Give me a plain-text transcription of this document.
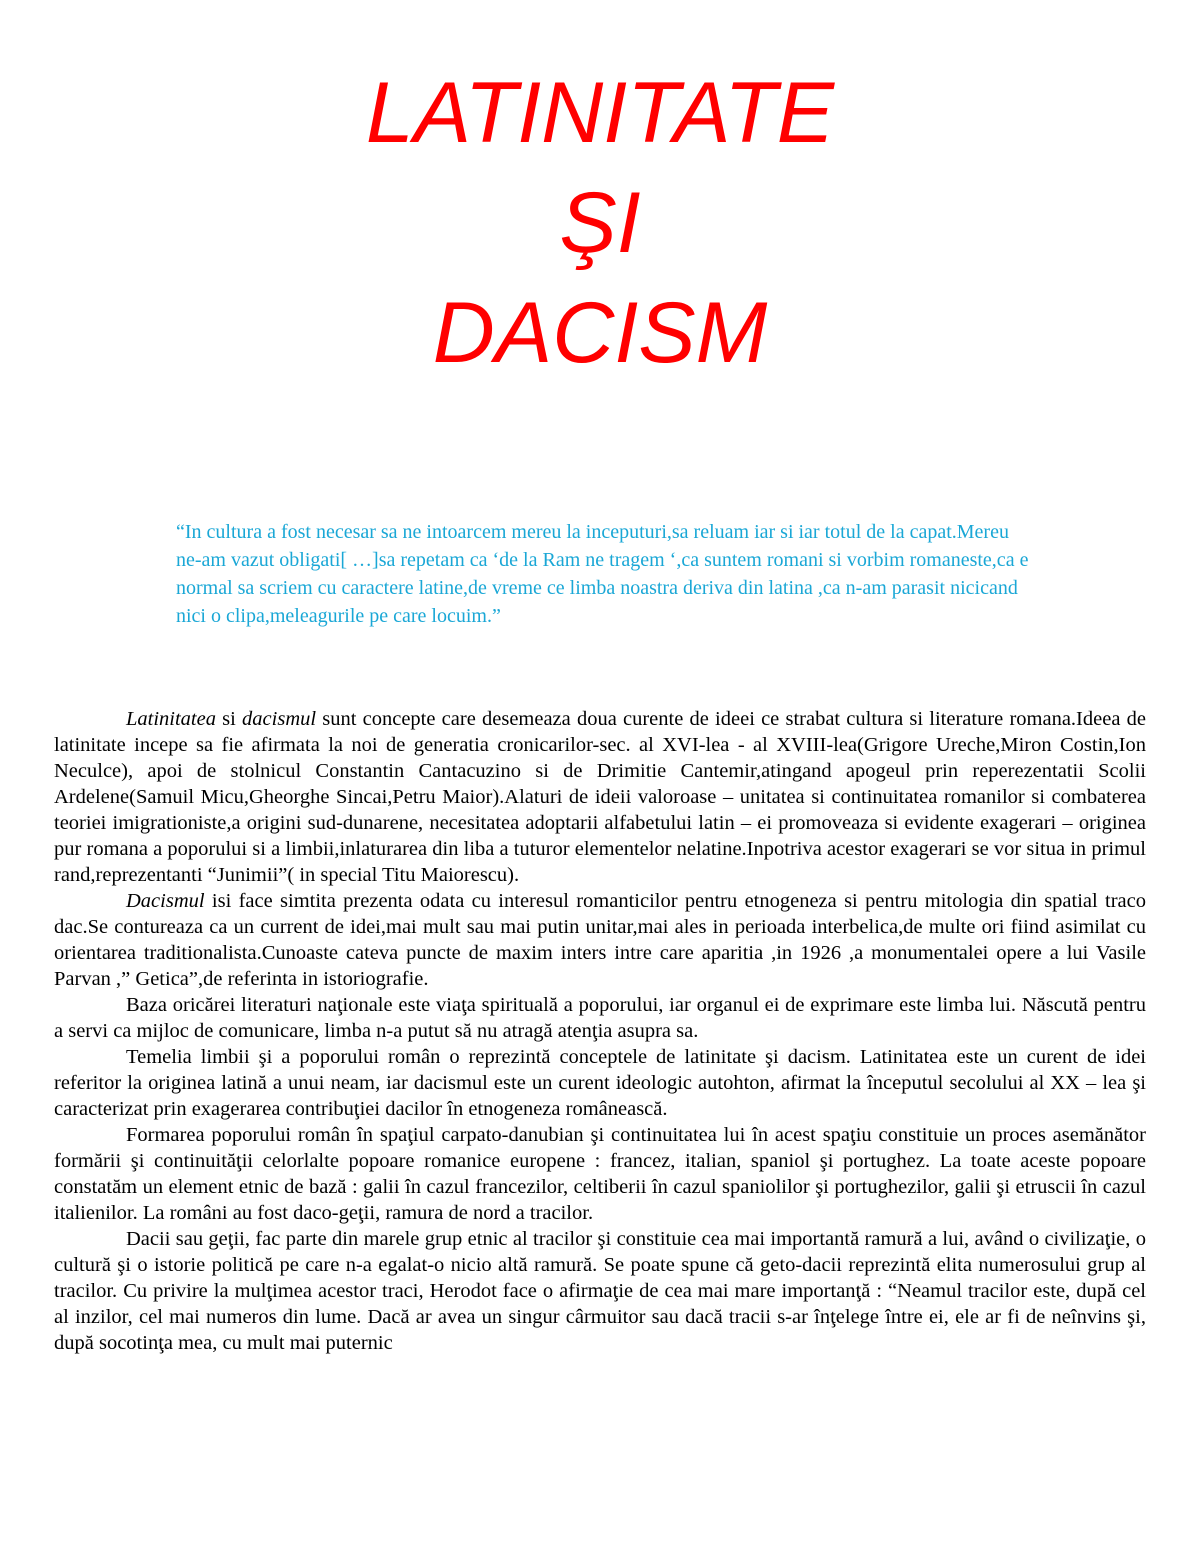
LATINITATE
ŞI
DACISM
“In cultura a fost necesar sa ne intoarcem mereu la inceputuri,sa reluam iar si iar totul de la capat.Mereu ne-am vazut obligati[ …]sa repetam ca ‘de la Ram ne tragem ‘,ca suntem romani si vorbim romaneste,ca e normal sa scriem cu caractere latine,de vreme ce limba noastra deriva din latina ,ca n-am parasit nicicand nici o clipa,meleagurile pe care locuim.”

Latinitatea si dacismul sunt concepte care desemeaza doua curente de ideei ce strabat cultura si literature romana.Ideea de latinitate incepe sa fie afirmata la noi de generatia cronicarilor-sec. al XVI-lea - al XVIII-lea(Grigore Ureche,Miron Costin,Ion Neculce), apoi de stolnicul Constantin Cantacuzino si de Drimitie Cantemir,atingand apogeul prin reperezentatii Scolii Ardelene(Samuil Micu,Gheorghe Sincai,Petru Maior).Alaturi de ideii valoroase – unitatea si continuitatea romanilor si combaterea teoriei imigrationiste,a origini sud-dunarene, necesitatea adoptarii alfabetului latin – ei promoveaza si evidente exagerari – originea pur romana a poporului si a limbii,inlaturarea din liba a tuturor elementelor nelatine.Inpotriva acestor exagerari se vor situa in primul rand,reprezentanti “Junimii”( in special Titu Maiorescu).

Dacismul isi face simtita prezenta odata cu interesul romanticilor pentru etnogeneza si pentru mitologia din spatial traco dac.Se contureaza ca un current de idei,mai mult sau mai putin unitar,mai ales in perioada interbelica,de multe ori fiind asimilat cu orientarea traditionalista.Cunoaste cateva puncte de maxim inters intre care aparitia ,in 1926 ,a monumentalei opere a lui Vasile Parvan ,” Getica”,de referinta in istoriografie.

Baza oricărei literaturi naţionale este viaţa spirituală a poporului, iar organul ei de exprimare este limba lui. Născută pentru a servi ca mijloc de comunicare, limba n-a putut să nu atragă atenţia asupra sa.

Temelia limbii şi a poporului român o reprezintă conceptele de latinitate şi dacism. Latinitatea este un curent de idei referitor la originea latină a unui neam, iar dacismul este un curent ideologic autohton, afirmat la începutul secolului al XX – lea şi caracterizat prin exagerarea contribuţiei dacilor în etnogeneza românească.

Formarea poporului român în spaţiul carpato-danubian şi continuitatea lui în acest spaţiu constituie un proces asemănător formării şi continuităţii celorlalte popoare romanice europene : francez, italian, spaniol şi portughez. La toate aceste popoare constatăm un element etnic de bază : galii în cazul francezilor, celtiberii în cazul spaniolilor şi portughezilor, galii şi etruscii în cazul italienilor. La români au fost daco-geţii, ramura de nord a tracilor.

Dacii sau geţii, fac parte din marele grup etnic al tracilor şi constituie cea mai importantă ramură a lui, având o civilizaţie, o cultură şi o istorie politică pe care n-a egalat-o nicio altă ramură. Se poate spune că geto-dacii reprezintă elita numerosului grup al tracilor. Cu privire la mulţimea acestor traci, Herodot face o afirmaţie de cea mai mare importanţă : “Neamul tracilor este, după cel al inzilor, cel mai numeros din lume. Dacă ar avea un singur cârmuitor sau dacă tracii s-ar înţelege între ei, ele ar fi de neînvins şi, după socotinţa mea, cu mult mai puternic
